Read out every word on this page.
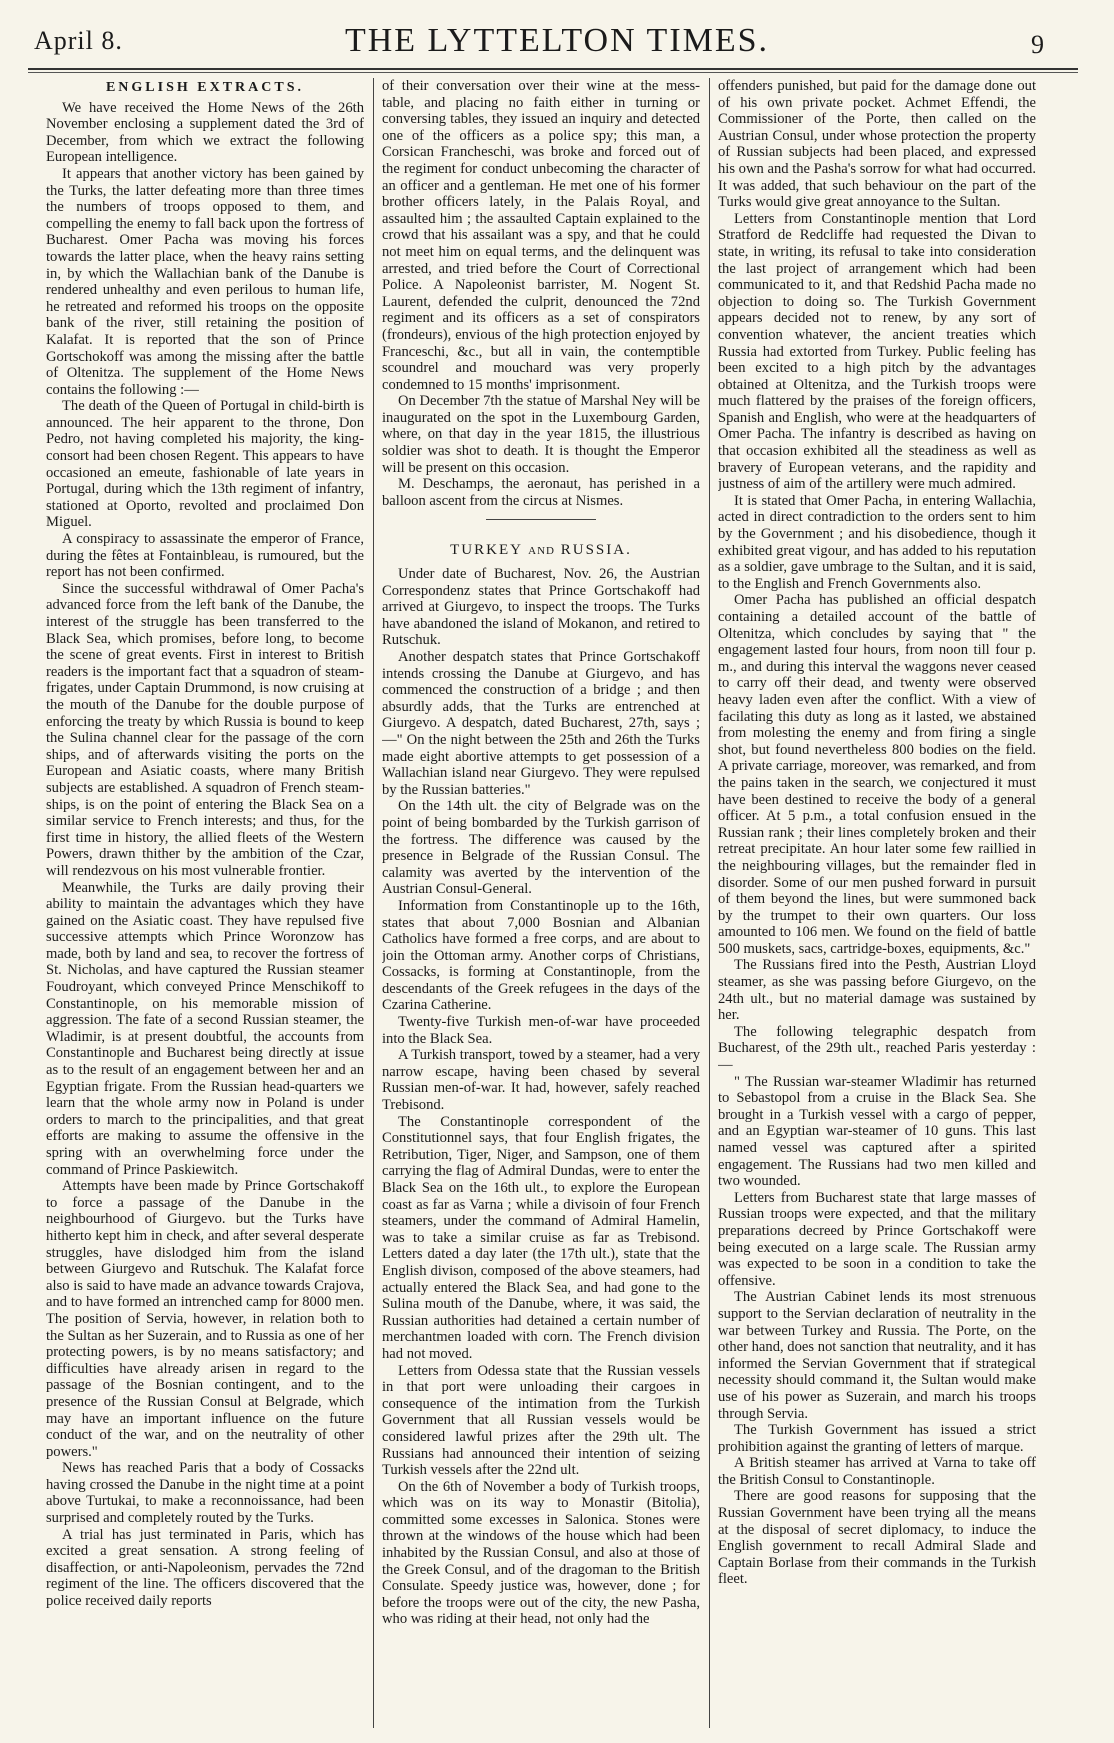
April 8.	THE LYTTELTON TIMES.	9
ENGLISH EXTRACTS.

We have received the Home News of the 26th November enclosing a supplement dated the 3rd of December, from which we extract the following European intelligence.

It appears that another victory has been gained by the Turks, the latter defeating more than three times the numbers of troops opposed to them, and compelling the enemy to fall back upon the fortress of Bucharest. Omer Pacha was moving his forces towards the latter place, when the heavy rains setting in, by which the Wallachian bank of the Danube is rendered unhealthy and even perilous to human life, he retreated and reformed his troops on the opposite bank of the river, still retaining the position of Kalafat. It is reported that the son of Prince Gortschokoff was among the missing after the battle of Oltenitza. The supplement of the Home News contains the following :—

The death of the Queen of Portugal in child-birth is announced. The heir apparent to the throne, Don Pedro, not having completed his majority, the king-consort had been chosen Regent. This appears to have occasioned an emeute, fashionable of late years in Portugal, during which the 13th regiment of infantry, stationed at Oporto, revolted and proclaimed Don Miguel.

A conspiracy to assassinate the emperor of France, during the fêtes at Fontainbleau, is rumoured, but the report has not been confirmed.

Since the successful withdrawal of Omer Pacha's advanced force from the left bank of the Danube, the interest of the struggle has been transferred to the Black Sea, which promises, before long, to become the scene of great events. First in interest to British readers is the important fact that a squadron of steam-frigates, under Captain Drummond, is now cruising at the mouth of the Danube for the double purpose of enforcing the treaty by which Russia is bound to keep the Sulina channel clear for the passage of the corn ships, and of afterwards visiting the ports on the European and Asiatic coasts, where many British subjects are established. A squadron of French steam-ships, is on the point of entering the Black Sea on a similar service to French interests; and thus, for the first time in history, the allied fleets of the Western Powers, drawn thither by the ambition of the Czar, will rendezvous on his most vulnerable frontier.

Meanwhile, the Turks are daily proving their ability to maintain the advantages which they have gained on the Asiatic coast. They have repulsed five successive attempts which Prince Woronzow has made, both by land and sea, to recover the fortress of St. Nicholas, and have captured the Russian steamer Foudroyant, which conveyed Prince Menschikoff to Constantinople, on his memorable mission of aggression. The fate of a second Russian steamer, the Wladimir, is at present doubtful, the accounts from Constantinople and Bucharest being directly at issue as to the result of an engagement between her and an Egyptian frigate. From the Russian head-quarters we learn that the whole army now in Poland is under orders to march to the principalities, and that great efforts are making to assume the offensive in the spring with an overwhelming force under the command of Prince Paskiewitch.

Attempts have been made by Prince Gortschakoff to force a passage of the Danube in the neighbourhood of Giurgevo. but the Turks have hitherto kept him in check, and after several desperate struggles, have dislodged him from the island between Giurgevo and Rutschuk. The Kalafat force also is said to have made an advance towards Crajova, and to have formed an intrenched camp for 8000 men. The position of Servia, however, in relation both to the Sultan as her Suzerain, and to Russia as one of her protecting powers, is by no means satisfactory; and difficulties have already arisen in regard to the passage of the Bosnian contingent, and to the presence of the Russian Consul at Belgrade, which may have an important influence on the future conduct of the war, and on the neutrality of other powers."

News has reached Paris that a body of Cossacks having crossed the Danube in the night time at a point above Turtukai, to make a reconnoissance, had been surprised and completely routed by the Turks.

A trial has just terminated in Paris, which has excited a great sensation. A strong feeling of disaffection, or anti-Napoleonism, pervades the 72nd regiment of the line. The officers discovered that the police received daily reports

of their conversation over their wine at the mess-table, and placing no faith either in turning or conversing tables, they issued an inquiry and detected one of the officers as a police spy; this man, a Corsican Francheschi, was broke and forced out of the regiment for conduct unbecoming the character of an officer and a gentleman. He met one of his former brother officers lately, in the Palais Royal, and assaulted him ; the assaulted Captain explained to the crowd that his assailant was a spy, and that he could not meet him on equal terms, and the delinquent was arrested, and tried before the Court of Correctional Police. A Napoleonist barrister, M. Nogent St. Laurent, defended the culprit, denounced the 72nd regiment and its officers as a set of conspirators (frondeurs), envious of the high protection enjoyed by Franceschi, &c., but all in vain, the contemptible scoundrel and mouchard was very properly condemned to 15 months' imprisonment.

On December 7th the statue of Marshal Ney will be inaugurated on the spot in the Luxembourg Garden, where, on that day in the year 1815, the illustrious soldier was shot to death. It is thought the Emperor will be present on this occasion.

M. Deschamps, the aeronaut, has perished in a balloon ascent from the circus at Nismes.

TURKEY AND RUSSIA.

Under date of Bucharest, Nov. 26, the Austrian Correspondenz states that Prince Gortschakoff had arrived at Giurgevo, to inspect the troops. The Turks have abandoned the island of Mokanon, and retired to Rutschuk.

Another despatch states that Prince Gortschakoff intends crossing the Danube at Giurgevo, and has commenced the construction of a bridge ; and then absurdly adds, that the Turks are entrenched at Giurgevo. A despatch, dated Bucharest, 27th, says ;—" On the night between the 25th and 26th the Turks made eight abortive attempts to get possession of a Wallachian island near Giurgevo. They were repulsed by the Russian batteries."

On the 14th ult. the city of Belgrade was on the point of being bombarded by the Turkish garrison of the fortress. The difference was caused by the presence in Belgrade of the Russian Consul. The calamity was averted by the intervention of the Austrian Consul-General.

Information from Constantinople up to the 16th, states that about 7,000 Bosnian and Albanian Catholics have formed a free corps, and are about to join the Ottoman army. Another corps of Christians, Cossacks, is forming at Constantinople, from the descendants of the Greek refugees in the days of the Czarina Catherine.

Twenty-five Turkish men-of-war have proceeded into the Black Sea.

A Turkish transport, towed by a steamer, had a very narrow escape, having been chased by several Russian men-of-war. It had, however, safely reached Trebisond.

The Constantinople correspondent of the Constitutionnel says, that four English frigates, the Retribution, Tiger, Niger, and Sampson, one of them carrying the flag of Admiral Dundas, were to enter the Black Sea on the 16th ult., to explore the European coast as far as Varna ; while a divisoin of four French steamers, under the command of Admiral Hamelin, was to take a similar cruise as far as Trebisond. Letters dated a day later (the 17th ult.), state that the English divison, composed of the above steamers, had actually entered the Black Sea, and had gone to the Sulina mouth of the Danube, where, it was said, the Russian authorities had detained a certain number of merchantmen loaded with corn. The French division had not moved.

Letters from Odessa state that the Russian vessels in that port were unloading their cargoes in consequence of the intimation from the Turkish Government that all Russian vessels would be considered lawful prizes after the 29th ult. The Russians had announced their intention of seizing Turkish vessels after the 22nd ult.

On the 6th of November a body of Turkish troops, which was on its way to Monastir (Bitolia), committed some excesses in Salonica. Stones were thrown at the windows of the house which had been inhabited by the Russian Consul, and also at those of the Greek Consul, and of the dragoman to the British Consulate. Speedy justice was, however, done ; for before the troops were out of the city, the new Pasha, who was riding at their head, not only had the

offenders punished, but paid for the damage done out of his own private pocket. Achmet Effendi, the Commissioner of the Porte, then called on the Austrian Consul, under whose protection the property of Russian subjects had been placed, and expressed his own and the Pasha's sorrow for what had occurred. It was added, that such behaviour on the part of the Turks would give great annoyance to the Sultan.

Letters from Constantinople mention that Lord Stratford de Redcliffe had requested the Divan to state, in writing, its refusal to take into consideration the last project of arrangement which had been communicated to it, and that Redshid Pacha made no objection to doing so. The Turkish Government appears decided not to renew, by any sort of convention whatever, the ancient treaties which Russia had extorted from Turkey. Public feeling has been excited to a high pitch by the advantages obtained at Oltenitza, and the Turkish troops were much flattered by the praises of the foreign officers, Spanish and English, who were at the headquarters of Omer Pacha. The infantry is described as having on that occasion exhibited all the steadiness as well as bravery of European veterans, and the rapidity and justness of aim of the artillery were much admired.

It is stated that Omer Pacha, in entering Wallachia, acted in direct contradiction to the orders sent to him by the Government ; and his disobedience, though it exhibited great vigour, and has added to his reputation as a soldier, gave umbrage to the Sultan, and it is said, to the English and French Governments also.

Omer Pacha has published an official despatch containing a detailed account of the battle of Oltenitza, which concludes by saying that " the engagement lasted four hours, from noon till four p. m., and during this interval the waggons never ceased to carry off their dead, and twenty were observed heavy laden even after the conflict. With a view of facilating this duty as long as it lasted, we abstained from molesting the enemy and from firing a single shot, but found nevertheless 800 bodies on the field. A private carriage, moreover, was remarked, and from the pains taken in the search, we conjectured it must have been destined to receive the body of a general officer. At 5 p.m., a total confusion ensued in the Russian rank ; their lines completely broken and their retreat precipitate. An hour later some few raillied in the neighbouring villages, but the remainder fled in disorder. Some of our men pushed forward in pursuit of them beyond the lines, but were summoned back by the trumpet to their own quarters. Our loss amounted to 106 men. We found on the field of battle 500 muskets, sacs, cartridge-boxes, equipments, &c."

The Russians fired into the Pesth, Austrian Lloyd steamer, as she was passing before Giurgevo, on the 24th ult., but no material damage was sustained by her.

The following telegraphic despatch from Bucharest, of the 29th ult., reached Paris yesterday :—

" The Russian war-steamer Wladimir has returned to Sebastopol from a cruise in the Black Sea. She brought in a Turkish vessel with a cargo of pepper, and an Egyptian war-steamer of 10 guns. This last named vessel was captured after a spirited engagement. The Russians had two men killed and two wounded.

Letters from Bucharest state that large masses of Russian troops were expected, and that the military preparations decreed by Prince Gortschakoff were being executed on a large scale. The Russian army was expected to be soon in a condition to take the offensive.

The Austrian Cabinet lends its most strenuous support to the Servian declaration of neutrality in the war between Turkey and Russia. The Porte, on the other hand, does not sanction that neutrality, and it has informed the Servian Government that if strategical necessity should command it, the Sultan would make use of his power as Suzerain, and march his troops through Servia.

The Turkish Government has issued a strict prohibition against the granting of letters of marque.

A British steamer has arrived at Varna to take off the British Consul to Constantinople.

There are good reasons for supposing that the Russian Government have been trying all the means at the disposal of secret diplomacy, to induce the English government to recall Admiral Slade and Captain Borlase from their commands in the Turkish fleet.
